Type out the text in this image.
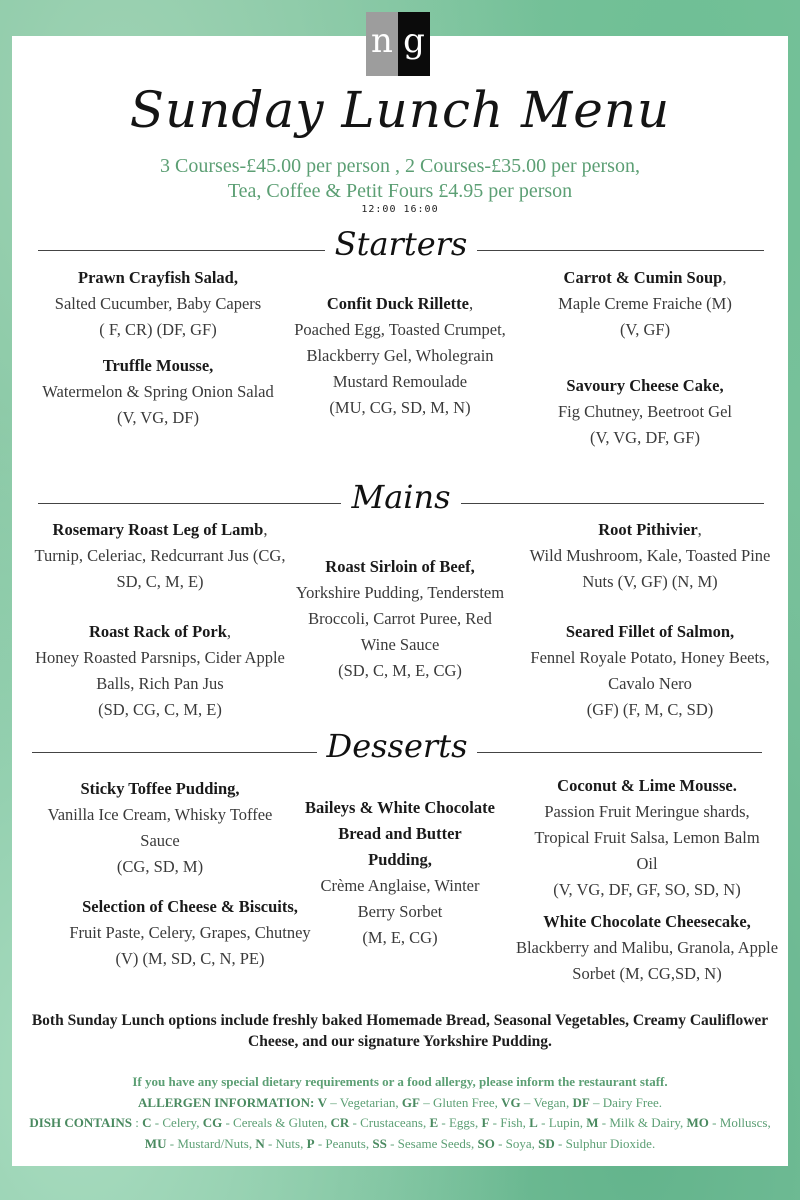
n g
Sunday Lunch Menu
3 Courses-£45.00 per person , 2 Courses-£35.00 per person,
Tea, Coffee & Petit Fours £4.95 per person
12:00 16:00
Starters
Prawn Crayfish Salad,
Salted Cucumber, Baby Capers
( F, CR) (DF, GF)
Truffle Mousse,
Watermelon & Spring Onion Salad
(V, VG, DF)
Confit Duck Rillette,
Poached Egg, Toasted Crumpet, Blackberry Gel, Wholegrain Mustard Remoulade
(MU, CG, SD, M, N)
Carrot & Cumin Soup,
Maple Creme Fraiche (M)
(V, GF)
Savoury Cheese Cake,
Fig Chutney, Beetroot Gel
(V, VG, DF, GF)
Mains
Rosemary Roast Leg of Lamb,
Turnip, Celeriac, Redcurrant Jus (CG, SD, C, M, E)
Roast Rack of Pork,
Honey Roasted Parsnips, Cider Apple Balls, Rich Pan Jus
(SD, CG, C, M, E)
Roast Sirloin of Beef,
Yorkshire Pudding, Tenderstem Broccoli, Carrot Puree, Red Wine Sauce
(SD, C, M, E, CG)
Root Pithivier,
Wild Mushroom, Kale, Toasted Pine Nuts (V, GF) (N, M)
Seared Fillet of Salmon,
Fennel Royale Potato, Honey Beets, Cavalo Nero
(GF) (F, M, C, SD)
Desserts
Sticky Toffee Pudding,
Vanilla Ice Cream, Whisky Toffee Sauce
(CG, SD, M)
Selection of Cheese & Biscuits,
Fruit Paste, Celery, Grapes, Chutney
(V) (M, SD, C, N, PE)
Baileys & White Chocolate Bread and Butter Pudding,
Crème Anglaise, Winter Berry Sorbet
(M, E, CG)
Coconut & Lime Mousse.
Passion Fruit Meringue shards, Tropical Fruit Salsa, Lemon Balm Oil
(V, VG, DF, GF, SO, SD, N)
White Chocolate Cheesecake,
Blackberry and Malibu, Granola, Apple Sorbet (M, CG,SD, N)
Both Sunday Lunch options include freshly baked Homemade Bread, Seasonal Vegetables, Creamy Cauliflower Cheese, and our signature Yorkshire Pudding.
If you have any special dietary requirements or a food allergy, please inform the restaurant staff.
ALLERGEN INFORMATION: V – Vegetarian, GF – Gluten Free, VG – Vegan, DF – Dairy Free.
DISH CONTAINS : C - Celery, CG - Cereals & Gluten, CR - Crustaceans, E - Eggs, F - Fish, L - Lupin, M - Milk & Dairy, MO - Molluscs, MU - Mustard/Nuts, N - Nuts, P - Peanuts, SS - Sesame Seeds, SO - Soya, SD - Sulphur Dioxide.
